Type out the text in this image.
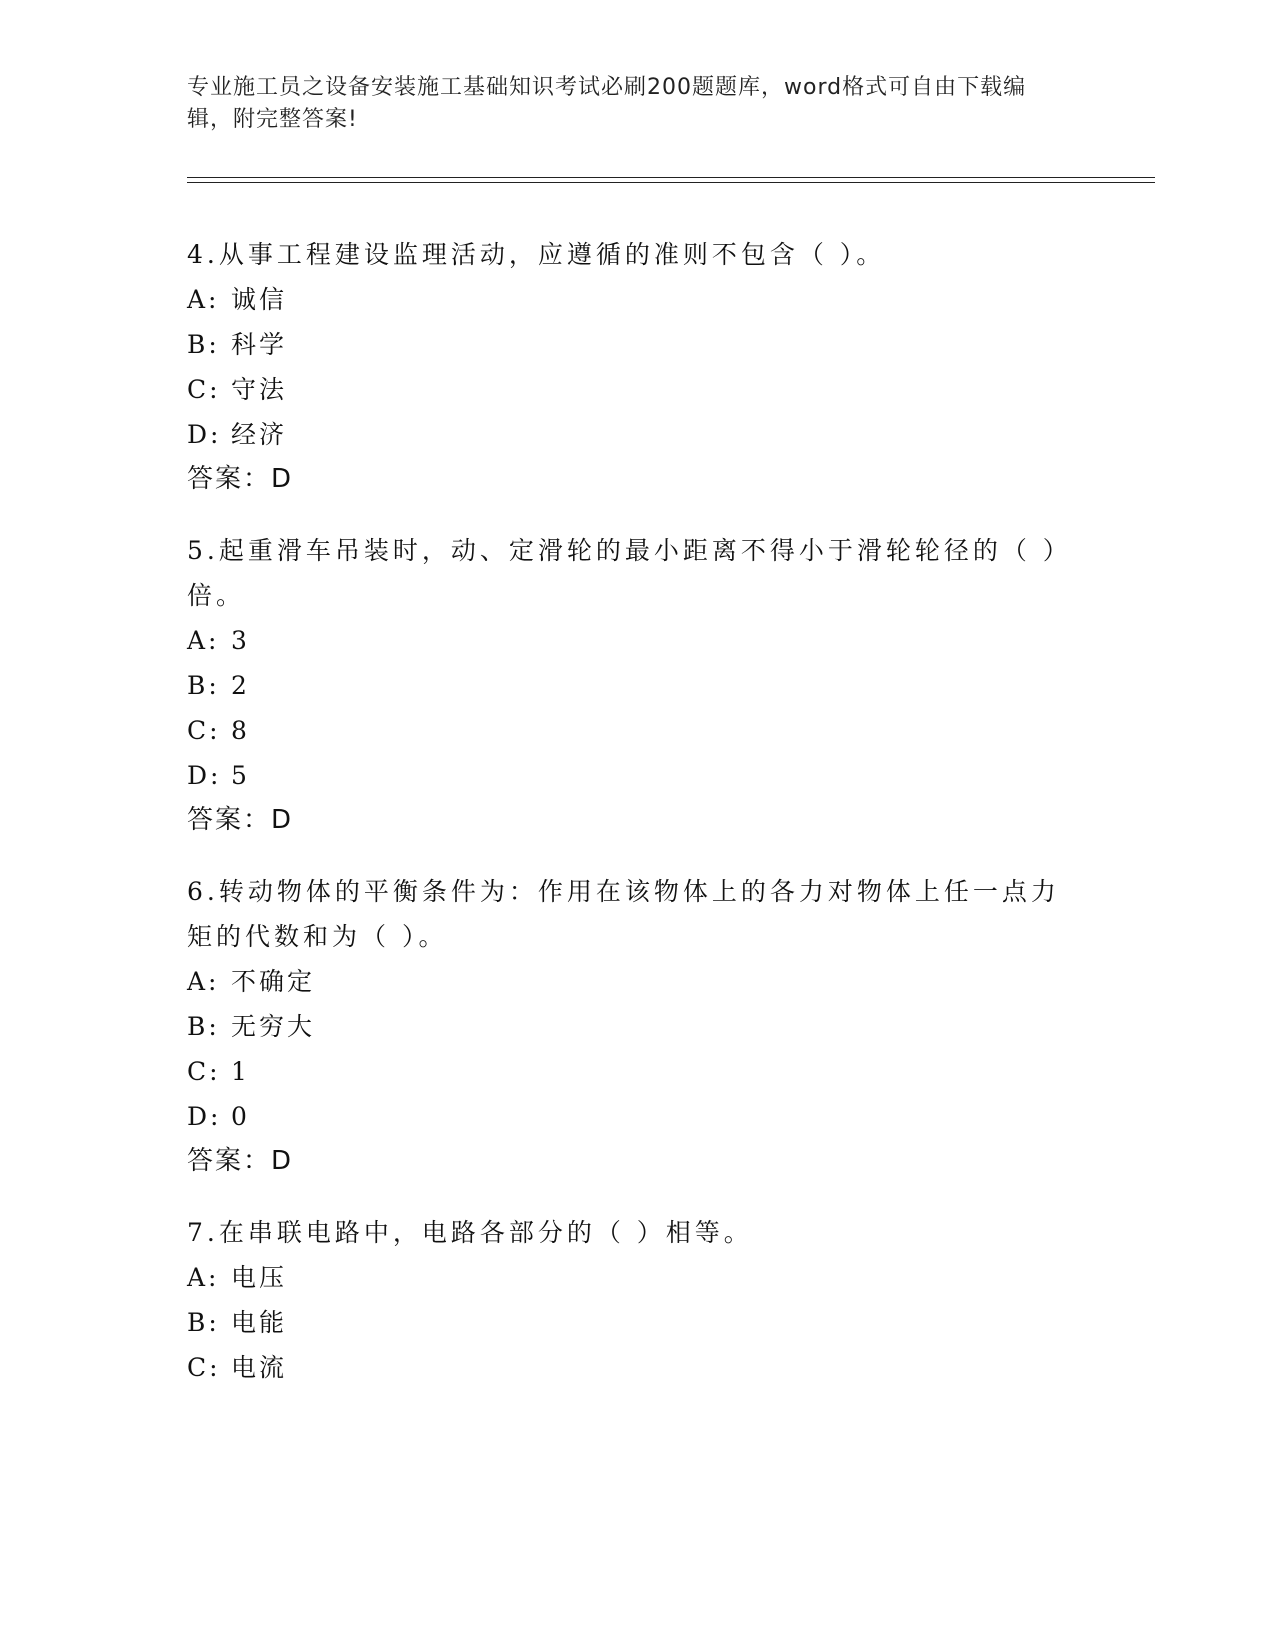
专业施工员之设备安装施工基础知识考试必刷200题题库，word格式可自由下载编辑，附完整答案!

4.从事工程建设监理活动，应遵循的准则不包含（ ）。

A: 诚信
B: 科学
C: 守法
D: 经济
答案：D

5.起重滑车吊装时，动、定滑轮的最小距离不得小于滑轮轮径的（ ）倍。

A: 3
B: 2
C: 8
D: 5
答案：D

6.转动物体的平衡条件为：作用在该物体上的各力对物体上任一点力矩的代数和为（ ）。

A: 不确定
B: 无穷大
C: 1
D: 0
答案：D

7.在串联电路中，电路各部分的（ ）相等。

A: 电压
B: 电能
C: 电流
